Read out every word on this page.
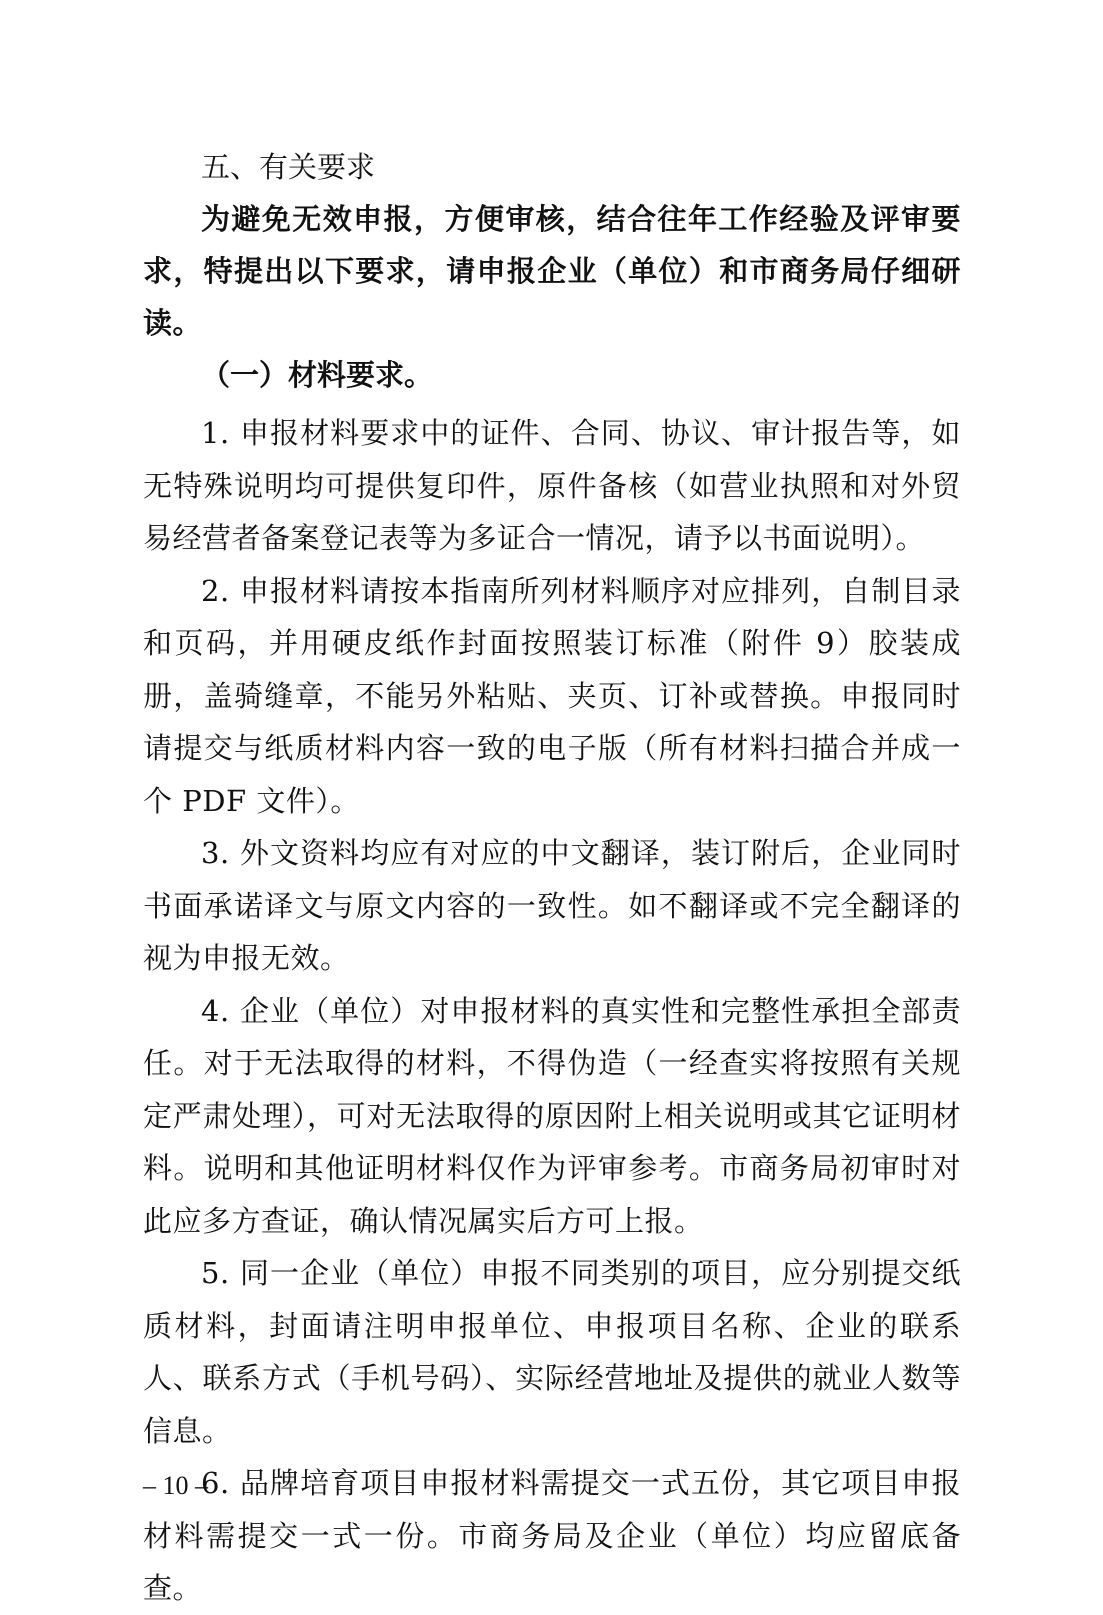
五、有关要求

为避免无效申报，方便审核，结合往年工作经验及评审要求，特提出以下要求，请申报企业（单位）和市商务局仔细研读。

（一）材料要求。

1. 申报材料要求中的证件、合同、协议、审计报告等，如无特殊说明均可提供复印件，原件备核（如营业执照和对外贸易经营者备案登记表等为多证合一情况，请予以书面说明）。

2. 申报材料请按本指南所列材料顺序对应排列，自制目录和页码，并用硬皮纸作封面按照装订标准（附件 9）胶装成册，盖骑缝章，不能另外粘贴、夹页、订补或替换。申报同时请提交与纸质材料内容一致的电子版（所有材料扫描合并成一个 PDF 文件）。

3. 外文资料均应有对应的中文翻译，装订附后，企业同时书面承诺译文与原文内容的一致性。如不翻译或不完全翻译的视为申报无效。

4. 企业（单位）对申报材料的真实性和完整性承担全部责任。对于无法取得的材料，不得伪造（一经查实将按照有关规定严肃处理），可对无法取得的原因附上相关说明或其它证明材料。说明和其他证明材料仅作为评审参考。市商务局初审时对此应多方查证，确认情况属实后方可上报。

5. 同一企业（单位）申报不同类别的项目，应分别提交纸质材料，封面请注明申报单位、申报项目名称、企业的联系人、联系方式（手机号码）、实际经营地址及提供的就业人数等信息。

6. 品牌培育项目申报材料需提交一式五份，其它项目申报材料需提交一式一份。市商务局及企业（单位）均应留底备查。

– 10 –
